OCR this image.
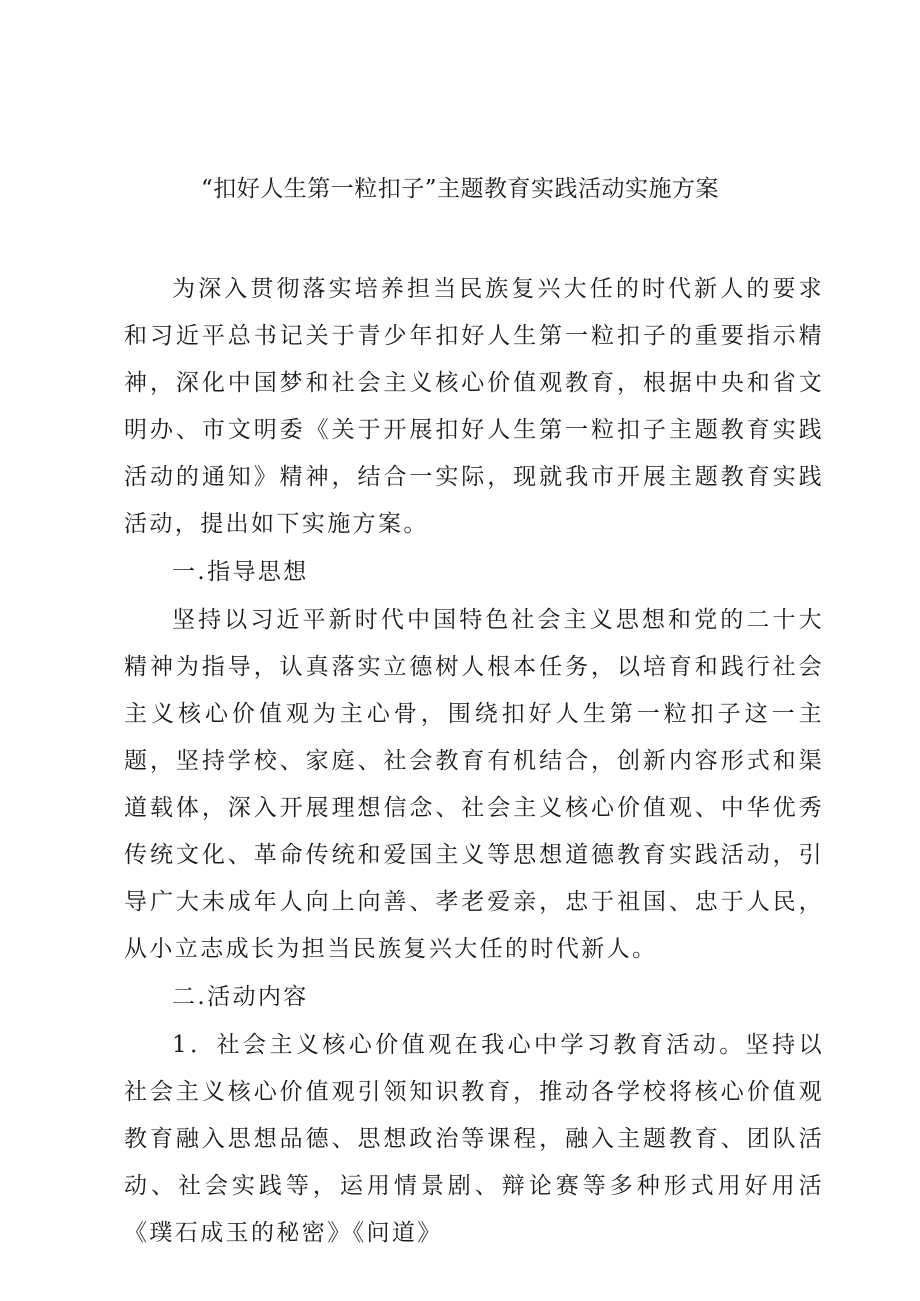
“扣好人生第一粒扣子”主题教育实践活动实施方案

为深入贯彻落实培养担当民族复兴大任的时代新人的要求和习近平总书记关于青少年扣好人生第一粒扣子的重要指示精神，深化中国梦和社会主义核心价值观教育，根据中央和省文明办、市文明委《关于开展扣好人生第一粒扣子主题教育实践活动的通知》精神，结合一实际，现就我市开展主题教育实践活动，提出如下实施方案。

一.指导思想

坚持以习近平新时代中国特色社会主义思想和党的二十大精神为指导，认真落实立德树人根本任务，以培育和践行社会主义核心价值观为主心骨，围绕扣好人生第一粒扣子这一主题，坚持学校、家庭、社会教育有机结合，创新内容形式和渠道载体，深入开展理想信念、社会主义核心价值观、中华优秀传统文化、革命传统和爱国主义等思想道德教育实践活动，引导广大未成年人向上向善、孝老爱亲，忠于祖国、忠于人民，从小立志成长为担当民族复兴大任的时代新人。

二.活动内容

1．社会主义核心价值观在我心中学习教育活动。坚持以社会主义核心价值观引领知识教育，推动各学校将核心价值观教育融入思想品德、思想政治等课程，融入主题教育、团队活动、社会实践等，运用情景剧、辩论赛等多种形式用好用活《璞石成玉的秘密》《问道》
